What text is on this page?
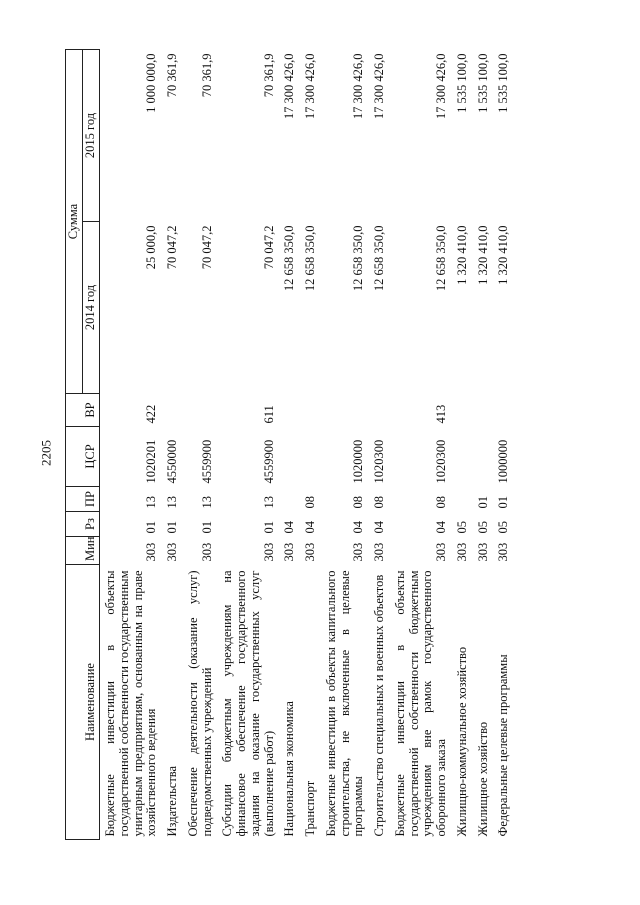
2205
Наименование	Мин	Рз	ПР	ЦСР	ВР	Сумма	
						2014 год	2015 год
Бюджетные инвестиции в объекты государственной собственности государственным унитарным предприятиям, основанным на праве хозяйственного ведения	303	01	13	1020201	422	25 000,0	1 000 000,0
Издательства	303	01	13	4550000		70 047,2	70 361,9
Обеспечение деятельности (оказание услуг) подведомственных учреждений	303	01	13	4559900		70 047,2	70 361,9
Субсидии бюджетным учреждениям на финансовое обеспечение государственного задания на оказание государственных услуг (выполнение работ)	303	01	13	4559900	611	70 047,2	70 361,9
Национальная экономика	303	04				12 658 350,0	17 300 426,0
Транспорт	303	04	08			12 658 350,0	17 300 426,0
Бюджетные инвестиции в объекты капитального строительства, не включенные в целевые программы	303	04	08	1020000		12 658 350,0	17 300 426,0
Строительство специальных и военных объектов	303	04	08	1020300		12 658 350,0	17 300 426,0
Бюджетные инвестиции в объекты государственной собственности бюджетным учреждениям вне рамок государственного оборонного заказа	303	04	08	1020300	413	12 658 350,0	17 300 426,0
Жилищно-коммунальное хозяйство	303	05				1 320 410,0	1 535 100,0
Жилищное хозяйство	303	05	01			1 320 410,0	1 535 100,0
Федеральные целевые программы	303	05	01	1000000		1 320 410,0	1 535 100,0
